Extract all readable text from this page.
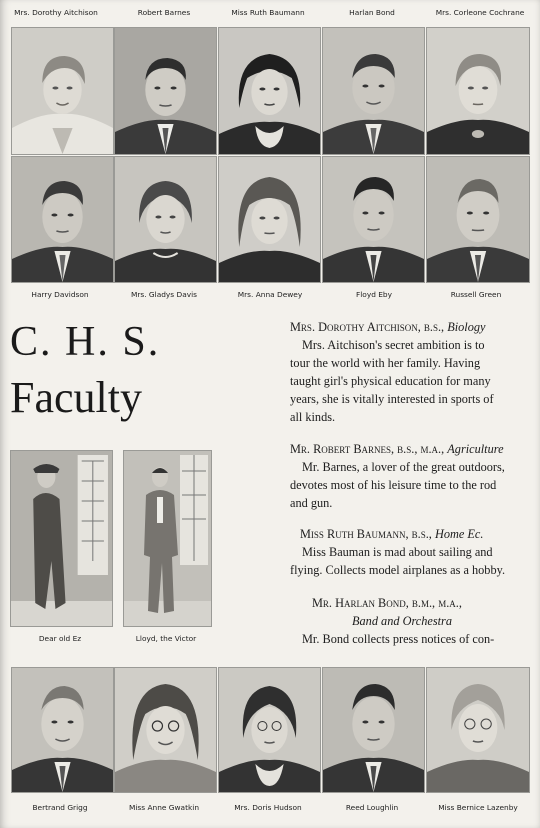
Mrs. Dorothy Aitchison	Robert Barnes	Miss Ruth Baumann	Harlan Bond	Mrs. Corleone Cochrane
Harry Davidson	Mrs. Gladys Davis	Mrs. Anna Dewey	Floyd Eby	Russell Green
C. H. S.
Faculty
Dear old Ez	Lloyd, the Victor
Mrs. Dorothy Aitchison, b.s., Biology
Mrs. Aitchison's secret ambition is to
tour the world with her family. Having
taught girl's physical education for many
years, she is vitally interested in sports of
all kinds.
Mr. Robert Barnes, b.s., m.a., Agriculture
Mr. Barnes, a lover of the great outdoors,
devotes most of his leisure time to the rod
and gun.
Miss Ruth Baumann, b.s., Home Ec.
Miss Bauman is mad about sailing and
flying. Collects model airplanes as a hobby.
Mr. Harlan Bond, b.m., m.a.,
Band and Orchestra
Mr. Bond collects press notices of con-
Bertrand Grigg	Miss Anne Gwatkin	Mrs. Doris Hudson	Reed Loughlin	Miss Bernice Lazenby
